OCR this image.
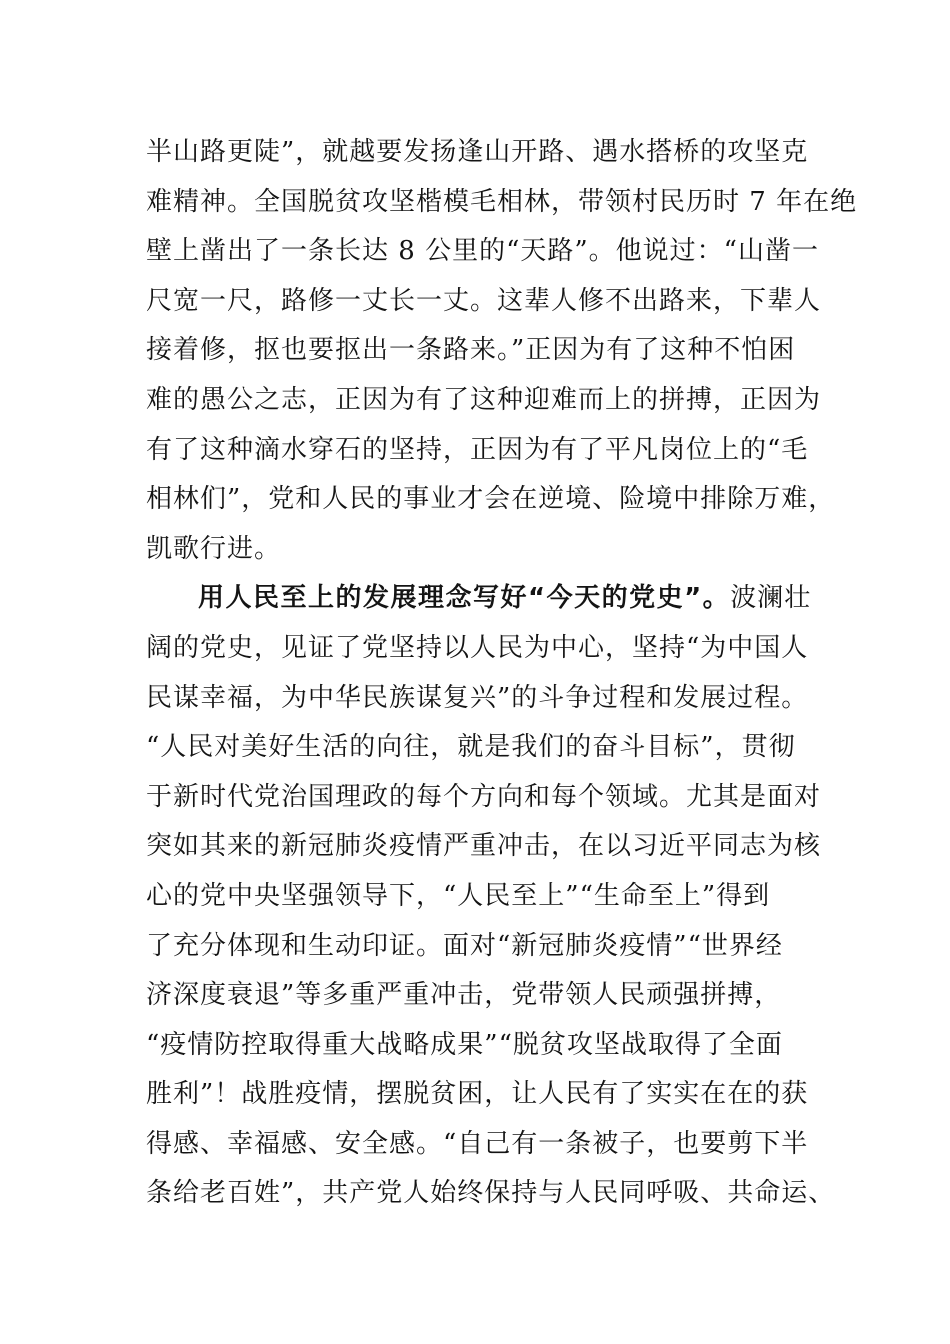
半山路更陡”，就越要发扬逢山开路、遇水搭桥的攻坚克
难精神。全国脱贫攻坚楷模毛相林，带领村民历时 7 年在绝
壁上凿出了一条长达 8 公里的“天路”。他说过：“山凿一
尺宽一尺，路修一丈长一丈。这辈人修不出路来，下辈人
接着修，抠也要抠出一条路来。”正因为有了这种不怕困
难的愚公之志，正因为有了这种迎难而上的拼搏，正因为
有了这种滴水穿石的坚持，正因为有了平凡岗位上的“毛
相林们”，党和人民的事业才会在逆境、险境中排除万难，
凯歌行进。
用人民至上的发展理念写好“今天的党史”。波澜壮
阔的党史，见证了党坚持以人民为中心，坚持“为中国人
民谋幸福，为中华民族谋复兴”的斗争过程和发展过程。
“人民对美好生活的向往，就是我们的奋斗目标”，贯彻
于新时代党治国理政的每个方向和每个领域。尤其是面对
突如其来的新冠肺炎疫情严重冲击，在以习近平同志为核
心的党中央坚强领导下，“人民至上”“生命至上”得到
了充分体现和生动印证。面对“新冠肺炎疫情”“世界经
济深度衰退”等多重严重冲击，党带领人民顽强拼搏，
“疫情防控取得重大战略成果”“脱贫攻坚战取得了全面
胜利”！战胜疫情，摆脱贫困，让人民有了实实在在的获
得感、幸福感、安全感。“自己有一条被子，也要剪下半
条给老百姓”，共产党人始终保持与人民同呼吸、共命运、
